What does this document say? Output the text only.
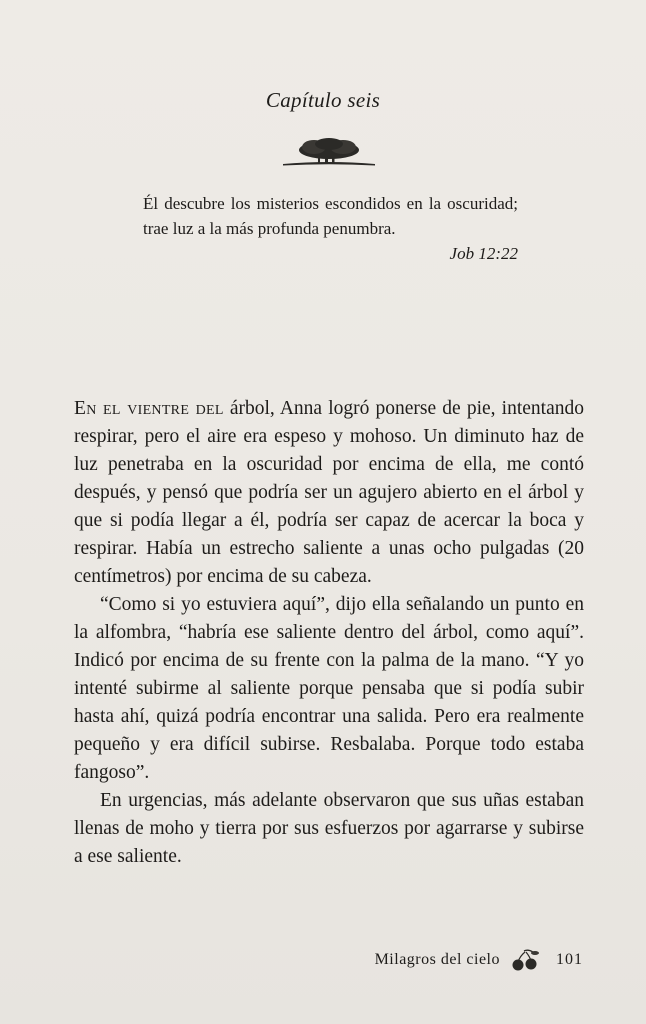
Capítulo seis
Él descubre los misterios escondidos en la oscuridad; trae luz a la más profunda penumbra.
Job 12:22

En el vientre del árbol, Anna logró ponerse de pie, intentando respirar, pero el aire era espeso y mohoso. Un diminuto haz de luz penetraba en la oscuridad por encima de ella, me contó después, y pensó que podría ser un agujero abierto en el árbol y que si podía llegar a él, podría ser capaz de acercar la boca y respirar. Había un estrecho saliente a unas ocho pulgadas (20 centímetros) por encima de su cabeza.

“Como si yo estuviera aquí”, dijo ella señalando un punto en la alfombra, “habría ese saliente dentro del árbol, como aquí”. Indicó por encima de su frente con la palma de la mano. “Y yo intenté subirme al saliente porque pensaba que si podía subir hasta ahí, quizá podría encontrar una salida. Pero era realmente pequeño y era difícil subirse. Resbalaba. Porque todo estaba fangoso”.

En urgencias, más adelante observaron que sus uñas estaban llenas de moho y tierra por sus esfuerzos por agarrarse y subirse a ese saliente.

Milagros del cielo	101
